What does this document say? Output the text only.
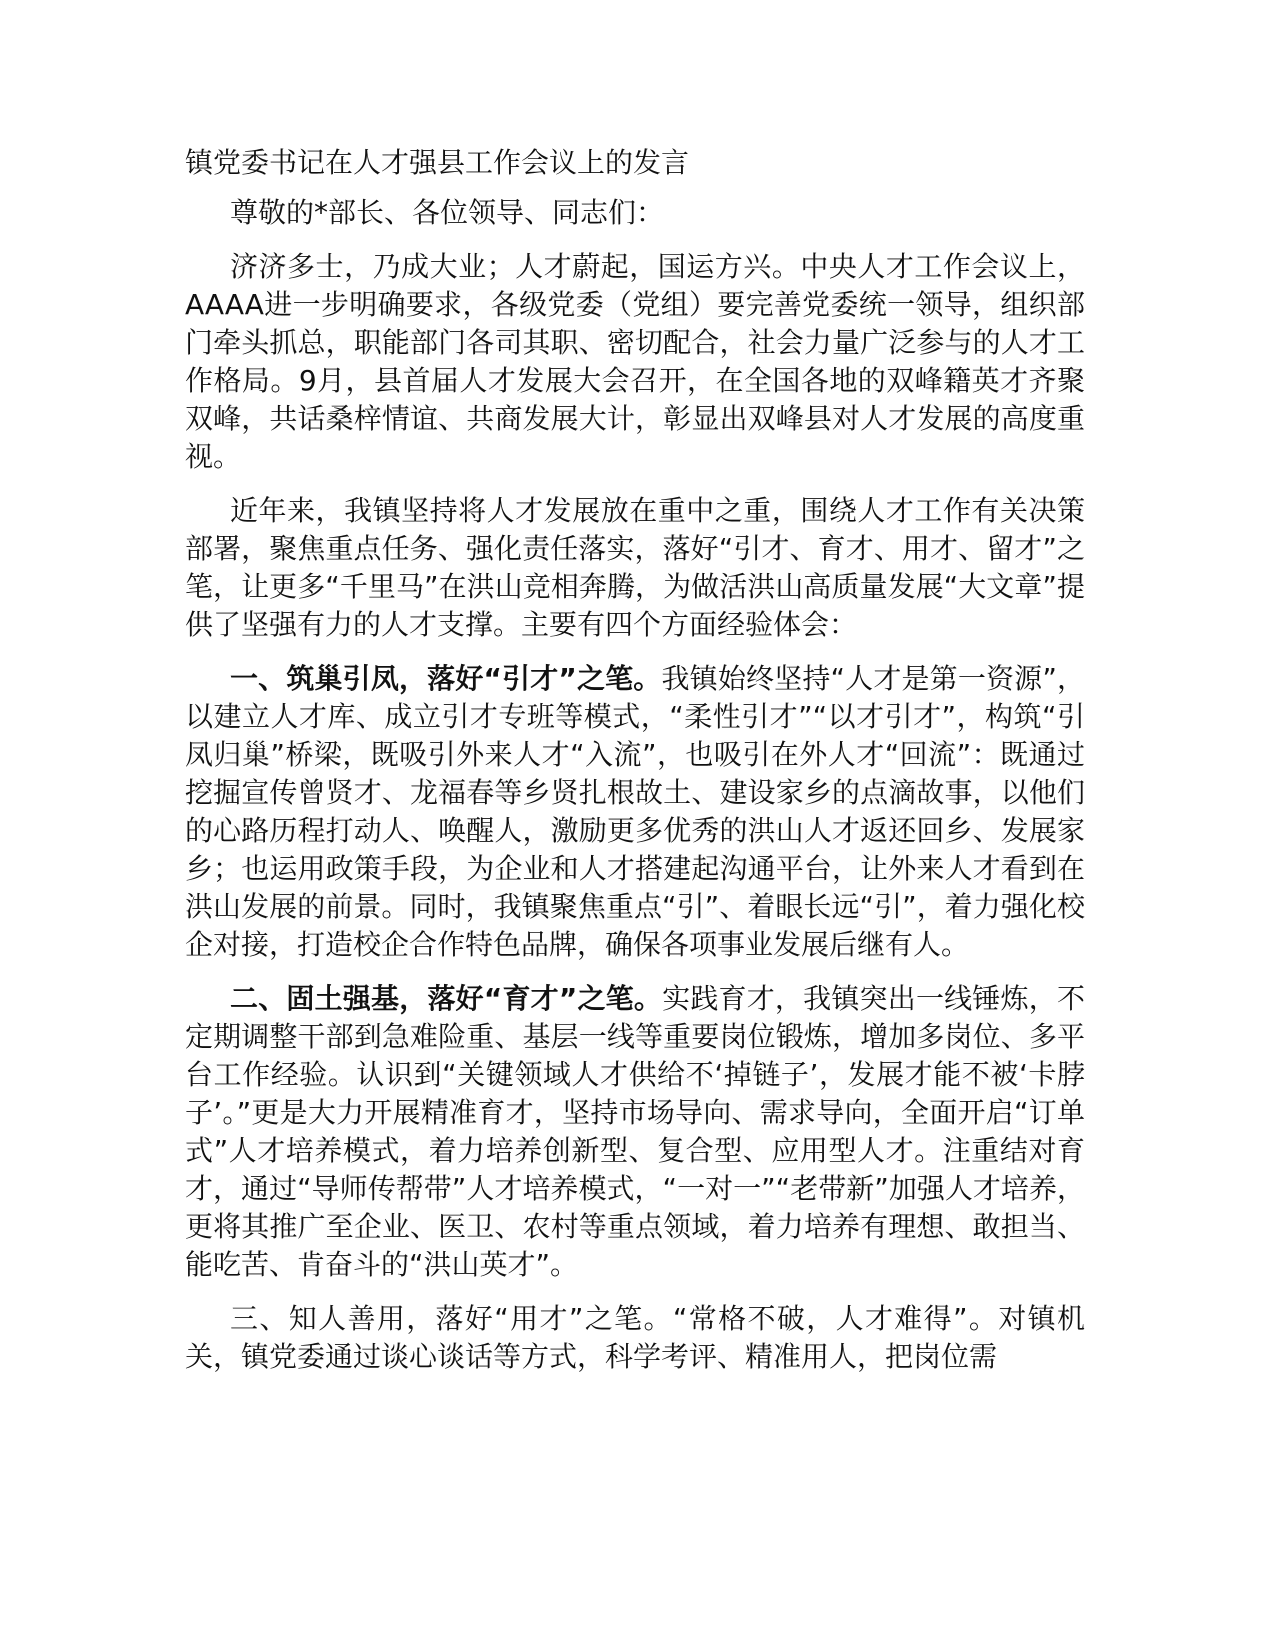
镇党委书记在人才强县工作会议上的发言

尊敬的*部长、各位领导、同志们：

济济多士，乃成大业；人才蔚起，国运方兴。中央人才工作会议上，AAAA进一步明确要求，各级党委（党组）要完善党委统一领导，组织部门牵头抓总，职能部门各司其职、密切配合，社会力量广泛参与的人才工作格局。9月，县首届人才发展大会召开，在全国各地的双峰籍英才齐聚双峰，共话桑梓情谊、共商发展大计，彰显出双峰县对人才发展的高度重视。

近年来，我镇坚持将人才发展放在重中之重，围绕人才工作有关决策部署，聚焦重点任务、强化责任落实，落好“引才、育才、用才、留才”之笔，让更多“千里马”在洪山竞相奔腾，为做活洪山高质量发展“大文章”提供了坚强有力的人才支撑。主要有四个方面经验体会：

一、筑巢引凤，落好“引才”之笔。我镇始终坚持“人才是第一资源”，以建立人才库、成立引才专班等模式，“柔性引才”“以才引才”，构筑“引凤归巢”桥梁，既吸引外来人才“入流”，也吸引在外人才“回流”：既通过挖掘宣传曾贤才、龙福春等乡贤扎根故土、建设家乡的点滴故事，以他们的心路历程打动人、唤醒人，激励更多优秀的洪山人才返还回乡、发展家乡；也运用政策手段，为企业和人才搭建起沟通平台，让外来人才看到在洪山发展的前景。同时，我镇聚焦重点“引”、着眼长远“引”，着力强化校企对接，打造校企合作特色品牌，确保各项事业发展后继有人。

二、固土强基，落好“育才”之笔。实践育才，我镇突出一线锤炼，不定期调整干部到急难险重、基层一线等重要岗位锻炼，增加多岗位、多平台工作经验。认识到“关键领域人才供给不‘掉链子’，发展才能不被‘卡脖子’。”更是大力开展精准育才，坚持市场导向、需求导向，全面开启“订单式”人才培养模式，着力培养创新型、复合型、应用型人才。注重结对育才，通过“导师传帮带”人才培养模式，“一对一”“老带新”加强人才培养，更将其推广至企业、医卫、农村等重点领域，着力培养有理想、敢担当、能吃苦、肯奋斗的“洪山英才”。

三、知人善用，落好“用才”之笔。“常格不破，人才难得”。对镇机关，镇党委通过谈心谈话等方式，科学考评、精准用人，把岗位需
